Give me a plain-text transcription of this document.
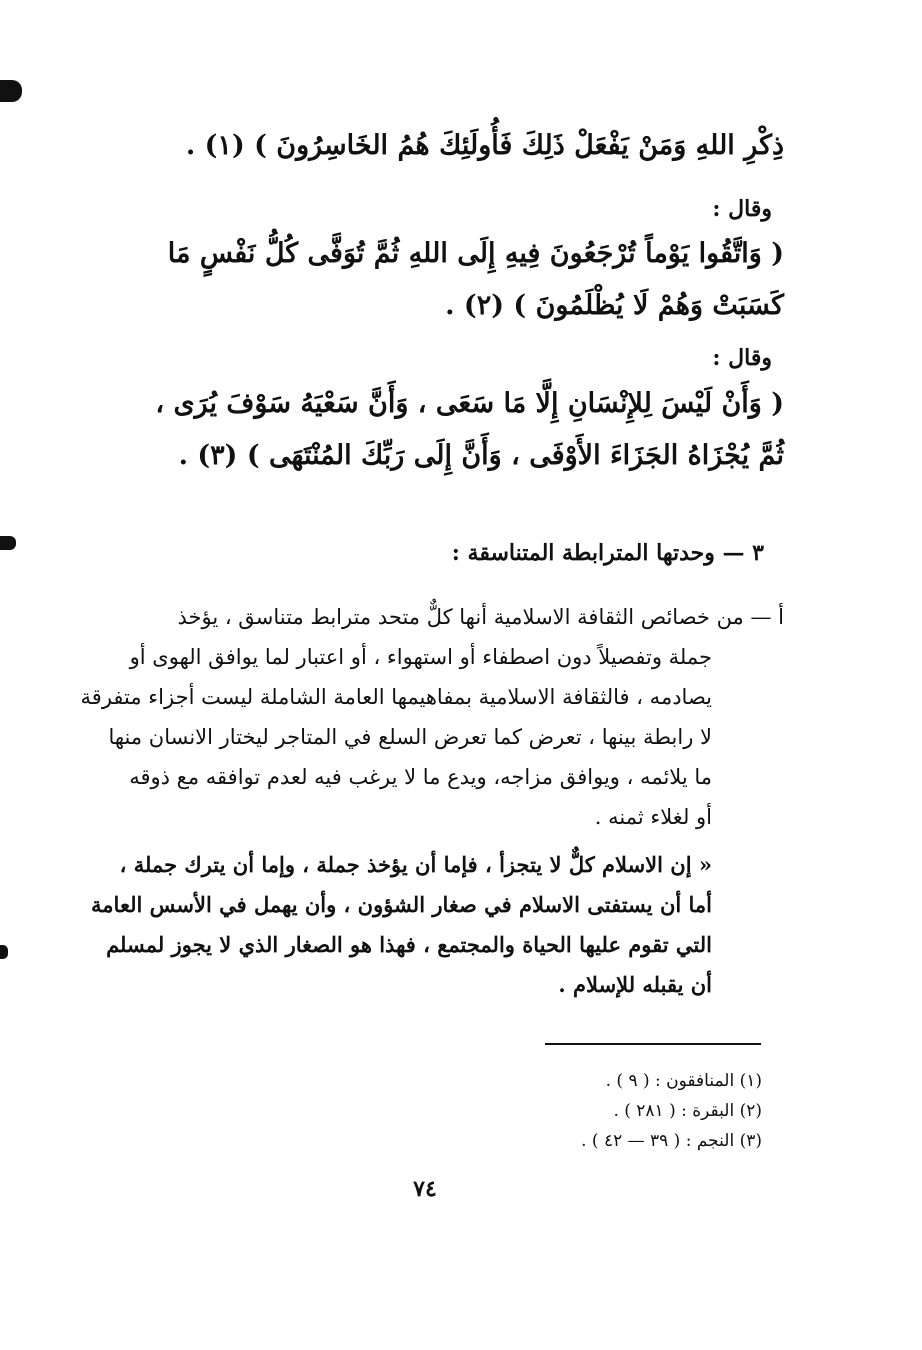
ذِكْرِ اللهِ وَمَنْ يَفْعَلْ ذَلِكَ فَأُولَئِكَ هُمُ الخَاسِرُونَ ) (١) .
وقال :
( وَاتَّقُوا يَوْماً تُرْجَعُونَ فِيهِ إِلَى اللهِ ثُمَّ تُوَفَّى كُلُّ نَفْسٍ مَا
كَسَبَتْ وَهُمْ لَا يُظْلَمُونَ ) (٢) .
وقال :
( وَأَنْ لَيْسَ لِلإِنْسَانِ إِلَّا مَا سَعَى ، وَأَنَّ سَعْيَهُ سَوْفَ يُرَى ،
ثُمَّ يُجْزَاهُ الجَزَاءَ الأَوْفَى ، وَأَنَّ إِلَى رَبِّكَ المُنْتَهَى ) (٣) .
٣ — وحدتها المترابطة المتناسقة :
أ — من خصائص الثقافة الاسلامية أنها كلٌّ متحد مترابط متناسق ، يؤخذ
جملة وتفصيلاً دون اصطفاء أو استهواء ، أو اعتبار لما يوافق الهوى أو
يصادمه ، فالثقافة الاسلامية بمفاهيمها العامة الشاملة ليست أجزاء متفرقة
لا رابطة بينها ، تعرض كما تعرض السلع في المتاجر ليختار الانسان منها
ما يلائمه ، ويوافق مزاجه، ويدع ما لا يرغب فيه لعدم توافقه مع ذوقه
أو لغلاء ثمنه .
« إن الاسلام كلٌّ لا يتجزأ ، فإما أن يؤخذ جملة ، وإما أن يترك جملة ،
أما أن يستفتى الاسلام في صغار الشؤون ، وأن يهمل في الأسس العامة
التي تقوم عليها الحياة والمجتمع ، فهذا هو الصغار الذي لا يجوز لمسلم
أن يقبله للإسلام .
(١) المنافقون : ( ٩ ) .
(٢) البقرة : ( ٢٨١ ) .
(٣) النجم : ( ٣٩ — ٤٢ ) .
٧٤
